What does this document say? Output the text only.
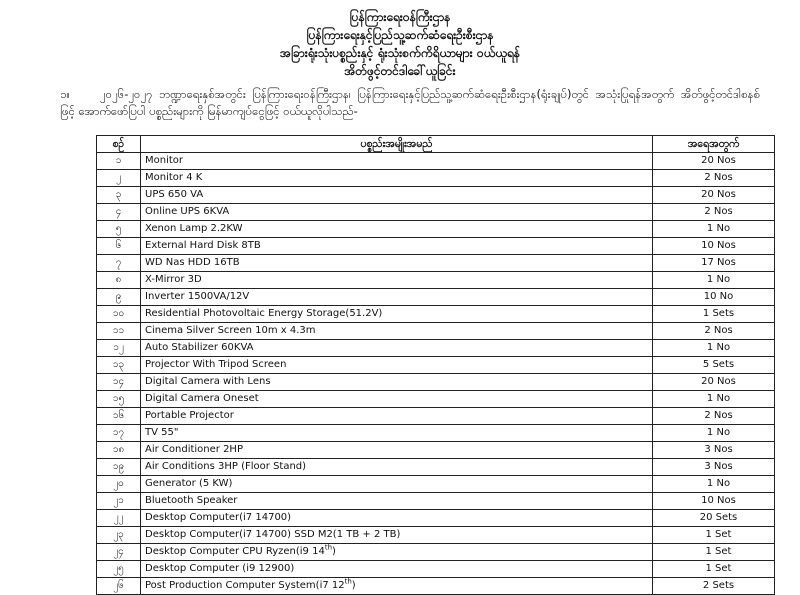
ပြန်ကြားရေးဝန်ကြီးဌာန
ပြန်ကြားရေးနှင့်ပြည်သူ့ဆက်ဆံရေးဦးစီးဌာန
အခြားရုံးသုံးပစ္စည်းနှင့် ရုံးသုံးစက်ကိရိယာများ ဝယ်ယူရန်
အိတ်ဖွင့်တင်ဒါခေါ်ယူခြင်း
၁။	၂၀၂၆-၂၀၂၇ ဘဏ္ဍာရေးနှစ်အတွင်း ပြန်ကြားရေးဝန်ကြီးဌာန၊ ပြန်ကြားရေးနှင့်ပြည်သူ့ဆက်ဆံရေးဦးစီးဌာန(ရုံးချုပ်)တွင် အသုံးပြုရန်အတွက် အိတ်ဖွင့်တင်ဒါစနစ်ဖြင့် အောက်ဖော်ပြပါ ပစ္စည်းများကို မြန်မာကျပ်ငွေဖြင့် ဝယ်ယူလိုပါသည်-
စဉ်	ပစ္စည်းအမျိုးအမည်	အရေအတွက်
၁	Monitor	20 Nos
၂	Monitor 4 K	2 Nos
၃	UPS 650 VA	20 Nos
၄	Online UPS 6KVA	2 Nos
၅	Xenon Lamp 2.2KW	1 No
၆	External Hard Disk 8TB	10 Nos
၇	WD Nas HDD 16TB	17 Nos
၈	X-Mirror 3D	1 No
၉	Inverter 1500VA/12V	10 No
၁၀	Residential Photovoltaic Energy Storage(51.2V)	1 Sets
၁၁	Cinema Silver Screen 10m x 4.3m	2 Nos
၁၂	Auto Stabilizer 60KVA	1 No
၁၃	Projector With Tripod Screen	5 Sets
၁၄	Digital Camera with Lens	20 Nos
၁၅	Digital Camera Oneset	1 No
၁၆	Portable Projector	2 Nos
၁၇	TV 55"	1 No
၁၈	Air Conditioner 2HP	3 Nos
၁၉	Air Conditions 3HP (Floor Stand)	3 Nos
၂၀	Generator (5 KW)	1 No
၂၁	Bluetooth Speaker	10 Nos
၂၂	Desktop Computer(i7 14700)	20 Sets
၂၃	Desktop Computer(i7 14700) SSD M2(1 TB + 2 TB)	1 Set
၂၄	Desktop Computer CPU Ryzen(i9 14th)	1 Set
၂၅	Desktop Computer (i9 12900)	1 Set
၂၆	Post Production Computer System(i7 12th)	2 Sets
